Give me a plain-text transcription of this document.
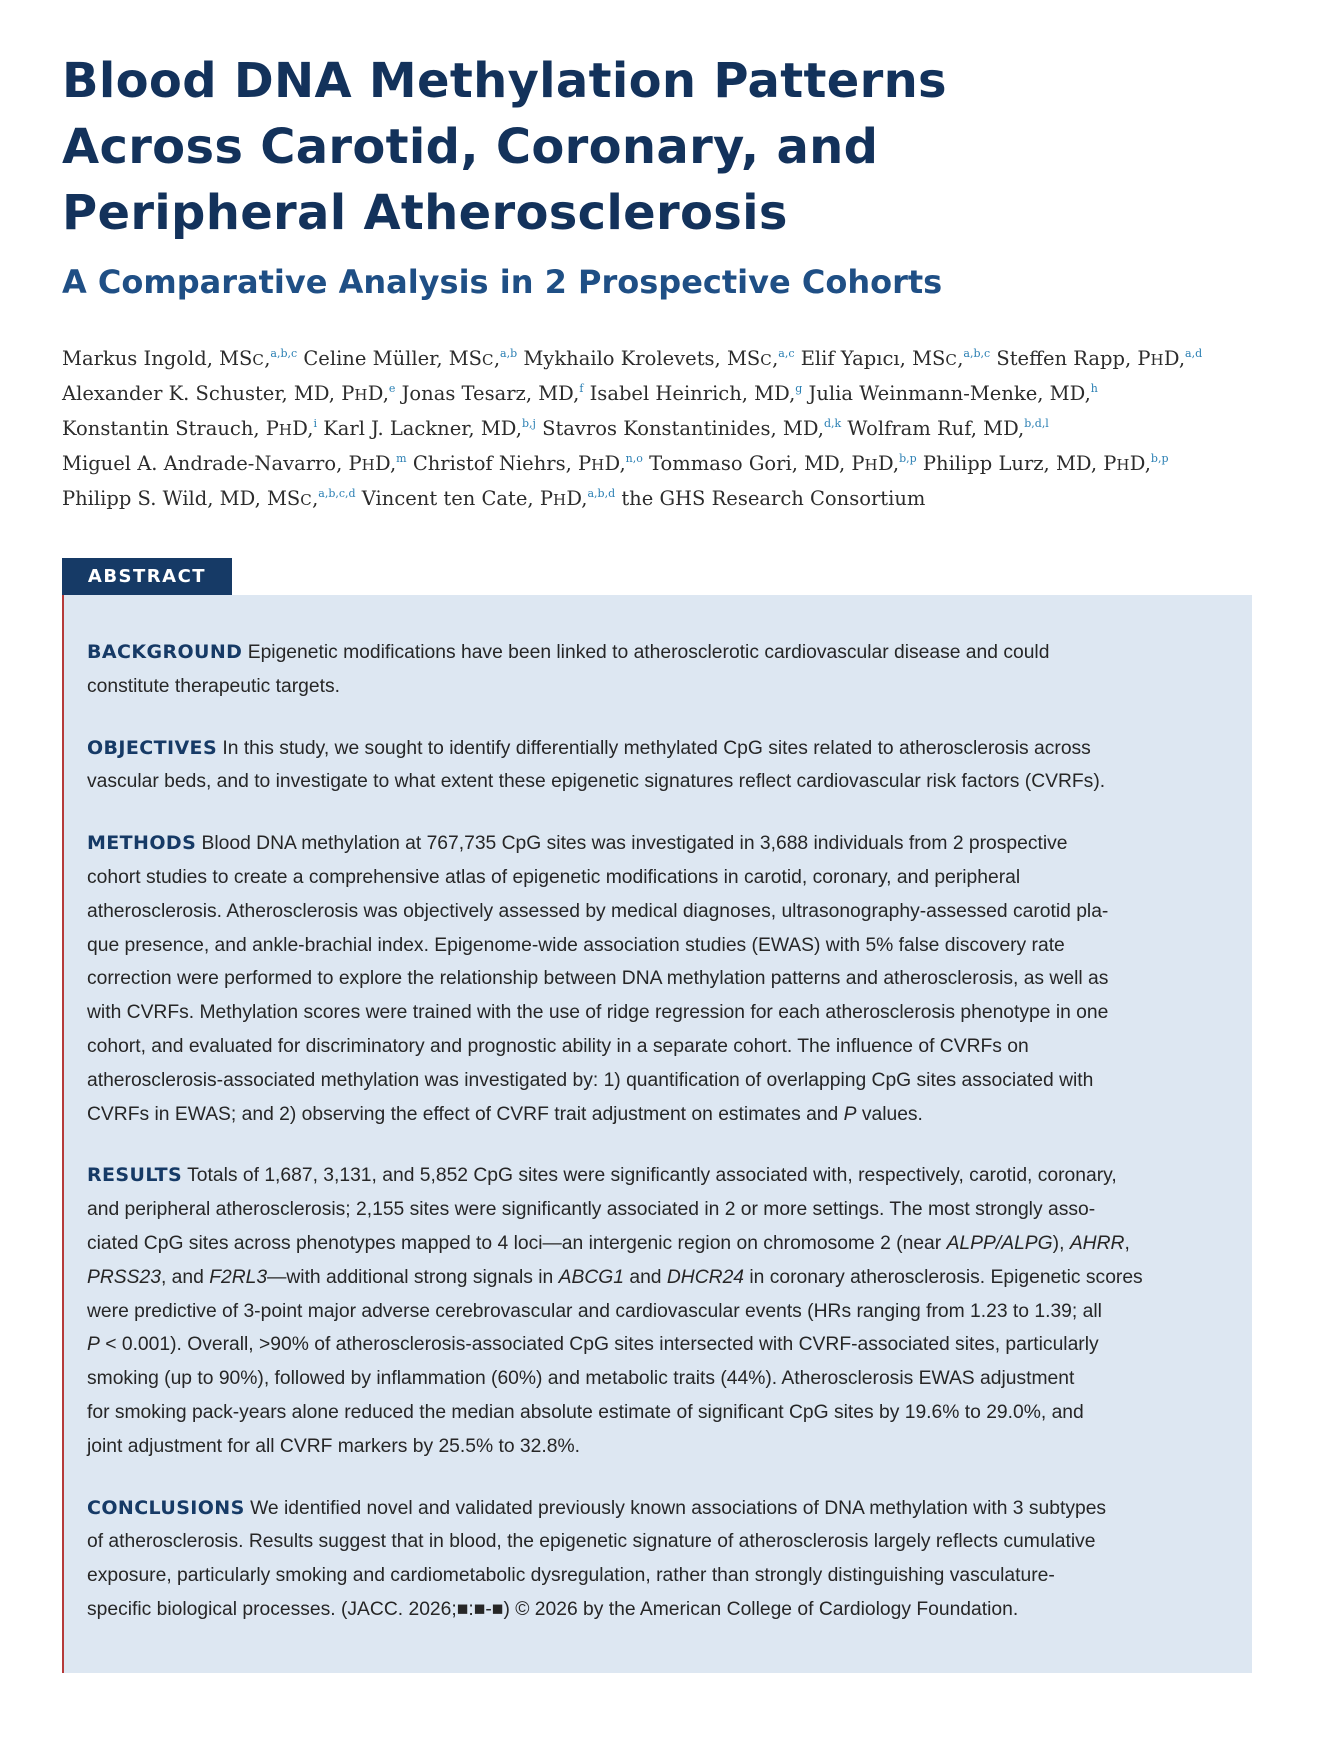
Blood DNA Methylation Patterns
Across Carotid, Coronary, and
Peripheral Atherosclerosis
A Comparative Analysis in 2 Prospective Cohorts
Markus Ingold, MSC,$^{a,b,c}$ Celine Müller, MSC,$^{a,b}$ Mykhailo Krolevets, MSC,$^{a,c}$ Elif Yapıcı, MSC,$^{a,b,c}$ Steffen Rapp, PHD,$^{a,d}$
Alexander K. Schuster, MD, PHD,$^e$ Jonas Tesarz, MD,$^f$ Isabel Heinrich, MD,$^g$ Julia Weinmann-Menke, MD,$^h$
Konstantin Strauch, PHD,$^i$ Karl J. Lackner, MD,$^{b,j}$ Stavros Konstantinides, MD,$^{d,k}$ Wolfram Ruf, MD,$^{b,d,l}$
Miguel A. Andrade-Navarro, PHD,$^m$ Christof Niehrs, PHD,$^{n,o}$ Tommaso Gori, MD, PHD,$^{b,p}$ Philipp Lurz, MD, PHD,$^{b,p}$
Philipp S. Wild, MD, MSC,$^{a,b,c,d}$ Vincent ten Cate, PHD,$^{a,b,d}$ the GHS Research Consortium
ABSTRACT
BACKGROUND Epigenetic modifications have been linked to atherosclerotic cardiovascular disease and could
constitute therapeutic targets.
OBJECTIVES In this study, we sought to identify differentially methylated CpG sites related to atherosclerosis across
vascular beds, and to investigate to what extent these epigenetic signatures reflect cardiovascular risk factors (CVRFs).
METHODS Blood DNA methylation at 767,735 CpG sites was investigated in 3,688 individuals from 2 prospective
cohort studies to create a comprehensive atlas of epigenetic modifications in carotid, coronary, and peripheral
atherosclerosis. Atherosclerosis was objectively assessed by medical diagnoses, ultrasonography-assessed carotid pla-
que presence, and ankle-brachial index. Epigenome-wide association studies (EWAS) with 5% false discovery rate
correction were performed to explore the relationship between DNA methylation patterns and atherosclerosis, as well as
with CVRFs. Methylation scores were trained with the use of ridge regression for each atherosclerosis phenotype in one
cohort, and evaluated for discriminatory and prognostic ability in a separate cohort. The influence of CVRFs on
atherosclerosis-associated methylation was investigated by: 1) quantification of overlapping CpG sites associated with
CVRFs in EWAS; and 2) observing the effect of CVRF trait adjustment on estimates and P values.
RESULTS Totals of 1,687, 3,131, and 5,852 CpG sites were significantly associated with, respectively, carotid, coronary,
and peripheral atherosclerosis; 2,155 sites were significantly associated in 2 or more settings. The most strongly asso-
ciated CpG sites across phenotypes mapped to 4 loci—an intergenic region on chromosome 2 (near ALPP/ALPG), AHRR,
PRSS23, and F2RL3—with additional strong signals in ABCG1 and DHCR24 in coronary atherosclerosis. Epigenetic scores
were predictive of 3-point major adverse cerebrovascular and cardiovascular events (HRs ranging from 1.23 to 1.39; all
P < 0.001). Overall, >90% of atherosclerosis-associated CpG sites intersected with CVRF-associated sites, particularly
smoking (up to 90%), followed by inflammation (60%) and metabolic traits (44%). Atherosclerosis EWAS adjustment
for smoking pack-years alone reduced the median absolute estimate of significant CpG sites by 19.6% to 29.0%, and
joint adjustment for all CVRF markers by 25.5% to 32.8%.
CONCLUSIONS We identified novel and validated previously known associations of DNA methylation with 3 subtypes
of atherosclerosis. Results suggest that in blood, the epigenetic signature of atherosclerosis largely reflects cumulative
exposure, particularly smoking and cardiometabolic dysregulation, rather than strongly distinguishing vasculature-
specific biological processes. (JACC. 2026;■:■-■) © 2026 by the American College of Cardiology Foundation.
